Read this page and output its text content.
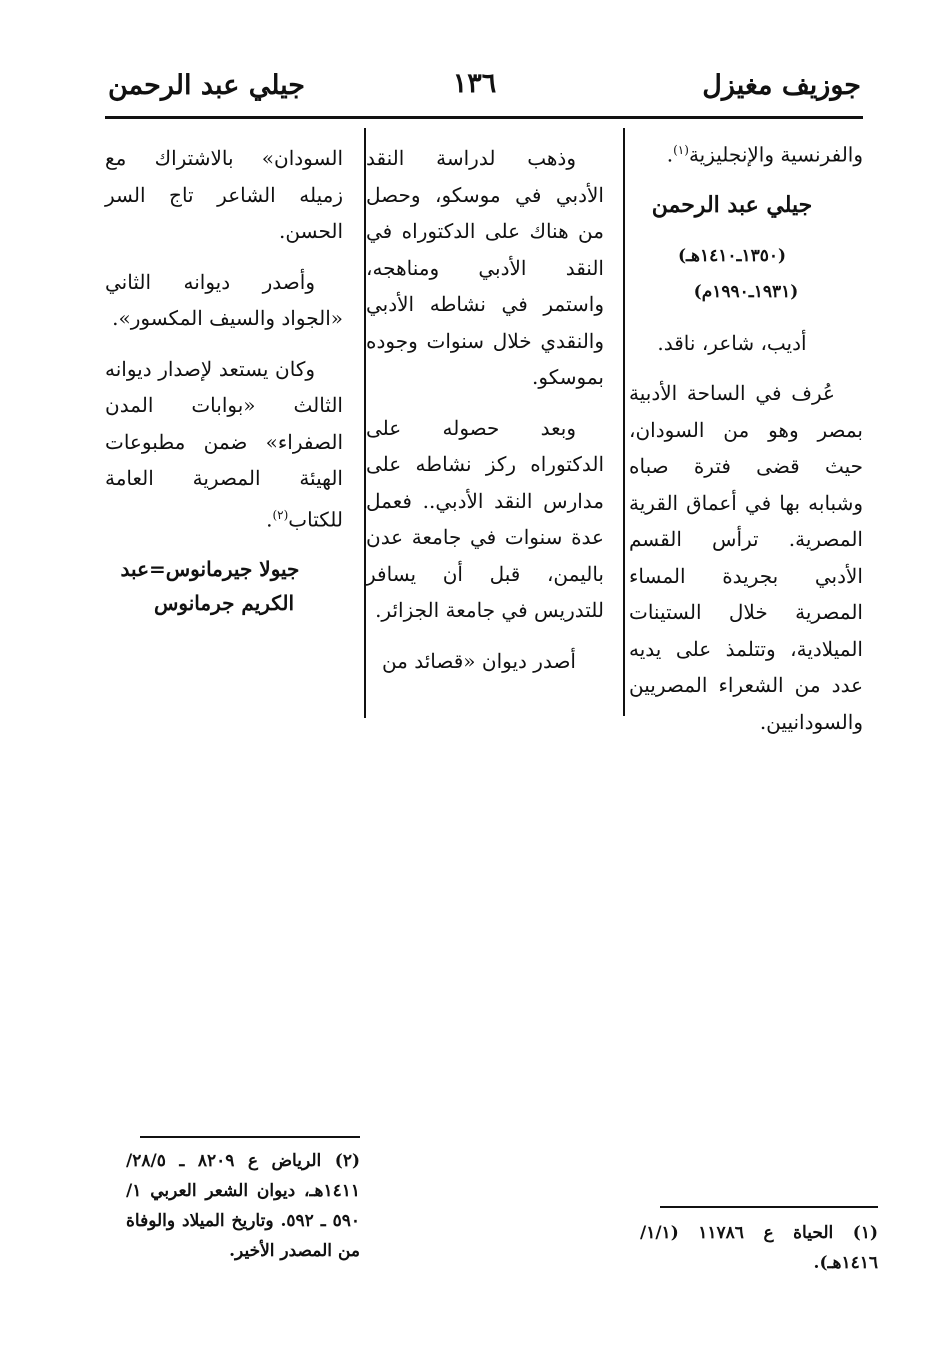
جوزيف مغيزل
١٣٦
جيلي عبد الرحمن

والفرنسية والإنجليزية$^{(١)}$.

جيلي عبد الرحمن

(١٣٥٠ـ١٤١٠هـ)(١٩٣١ـ١٩٩٠م)

أديب، شاعر، ناقد.

عُرف في الساحة الأدبية بمصر وهو من السودان، حيث قضى فترة صباه وشبابه بها في أعماق القرية المصرية. ترأس القسم الأدبي بجريدة المساء المصرية خلال الستينات الميلادية، وتتلمذ على يديه عدد من الشعراء المصريين والسودانيين.

وذهب لدراسة النقد الأدبي في موسكو، وحصل من هناك على الدكتوراه في النقد الأدبي ومناهجه، واستمر في نشاطه الأدبي والنقدي خلال سنوات وجوده بموسكو.

وبعد حصوله على الدكتوراه ركز نشاطه على مدارس النقد الأدبي.. فعمل عدة سنوات في جامعة عدن باليمن، قبل أن يسافر للتدريس في جامعة الجزائر.

أصدر ديوان «قصائد من

السودان» بالاشتراك مع زميله الشاعر تاج السر الحسن.

وأصدر ديوانه الثاني «الجواد والسيف المكسور».

وكان يستعد لإصدار ديوانه الثالث «بوابات المدن الصفراء» ضمن مطبوعات الهيئة المصرية العامة للكتاب$^{(٢)}$.

جيولا جيرمانوس=عبد الكريم جرمانوس

(٢) الرياض ع ٨٢٠٩ ـ ٢٨/٥/ ١٤١١هـ، ديوان الشعر العربي ١/ ٥٩٠ ـ ٥٩٢. وتاريخ الميلاد والوفاة من المصدر الأخير.
(١) الحياة ع ١١٧٨٦ (١/١/ ١٤١٦هـ).
